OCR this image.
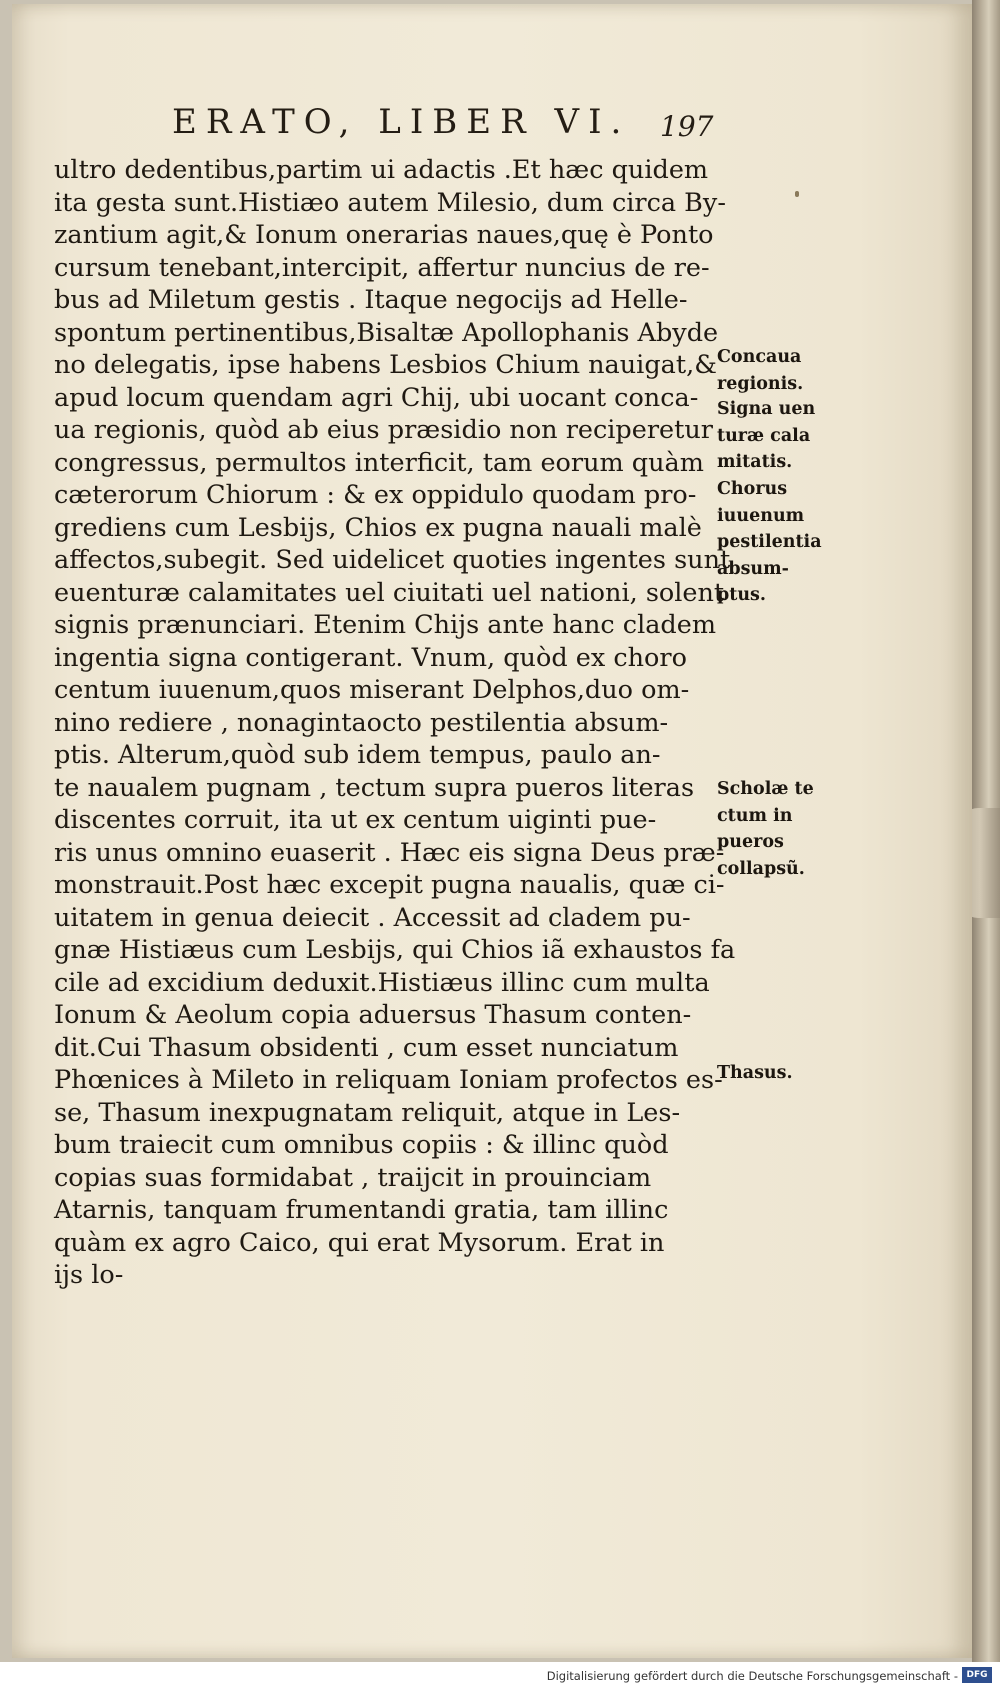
ERATO, LIBER VI. 197
ultro dedentibus,partim ui adactis .Et hæc quidem
ita gesta sunt.Histiæo autem Milesio, dum circa By-
zantium agit,& Ionum onerarias naues,quę è Ponto
cursum tenebant,intercipit, affertur nuncius de re-
bus ad Miletum gestis . Itaque negocijs ad Helle-
spontum pertinentibus,Bisaltæ Apollophanis Abyde
no delegatis, ipse habens Lesbios Chium nauigat,&
apud locum quendam agri Chij, ubi uocant conca-
ua regionis, quòd ab eius præsidio non reciperetur
congressus, permultos interficit, tam eorum quàm
cæterorum Chiorum : & ex oppidulo quodam pro-
grediens cum Lesbijs, Chios ex pugna nauali malè
affectos,subegit. Sed uidelicet quoties ingentes sunt
euenturæ calamitates uel ciuitati uel nationi, solent
signis prænunciari. Etenim Chijs ante hanc cladem
ingentia signa contigerant. Vnum, quòd ex choro
centum iuuenum,quos miserant Delphos,duo om-
nino rediere , nonagintaocto pestilentia absum-
ptis. Alterum,quòd sub idem tempus, paulo an-
te naualem pugnam , tectum supra pueros literas
discentes corruit, ita ut ex centum uiginti pue-
ris unus omnino euaserit . Hæc eis signa Deus præ-
monstrauit.Post hæc excepit pugna naualis, quæ ci-
uitatem in genua deiecit . Accessit ad cladem pu-
gnæ Histiæus cum Lesbijs, qui Chios iã exhaustos fa
cile ad excidium deduxit.Histiæus illinc cum multa
Ionum & Aeolum copia aduersus Thasum conten-
dit.Cui Thasum obsidenti , cum esset nunciatum
Phœnices à Mileto in reliquam Ioniam profectos es-
se, Thasum inexpugnatam reliquit, atque in Les-
bum traiecit cum omnibus copiis : & illinc quòd
copias suas formidabat , traijcit in prouinciam
Atarnis, tanquam frumentandi gratia, tam illinc
quàm ex agro Caico, qui erat Mysorum. Erat in
ijs lo-
Concaua
regionis.
Signa uen
turæ cala
mitatis.
Chorus
iuuenum
pestilentia
absum-
ptus.
Scholæ te
ctum in
pueros
collapsũ.
Thasus.
Digitalisierung gefördert durch die Deutsche Forschungsgemeinschaft - DFG
